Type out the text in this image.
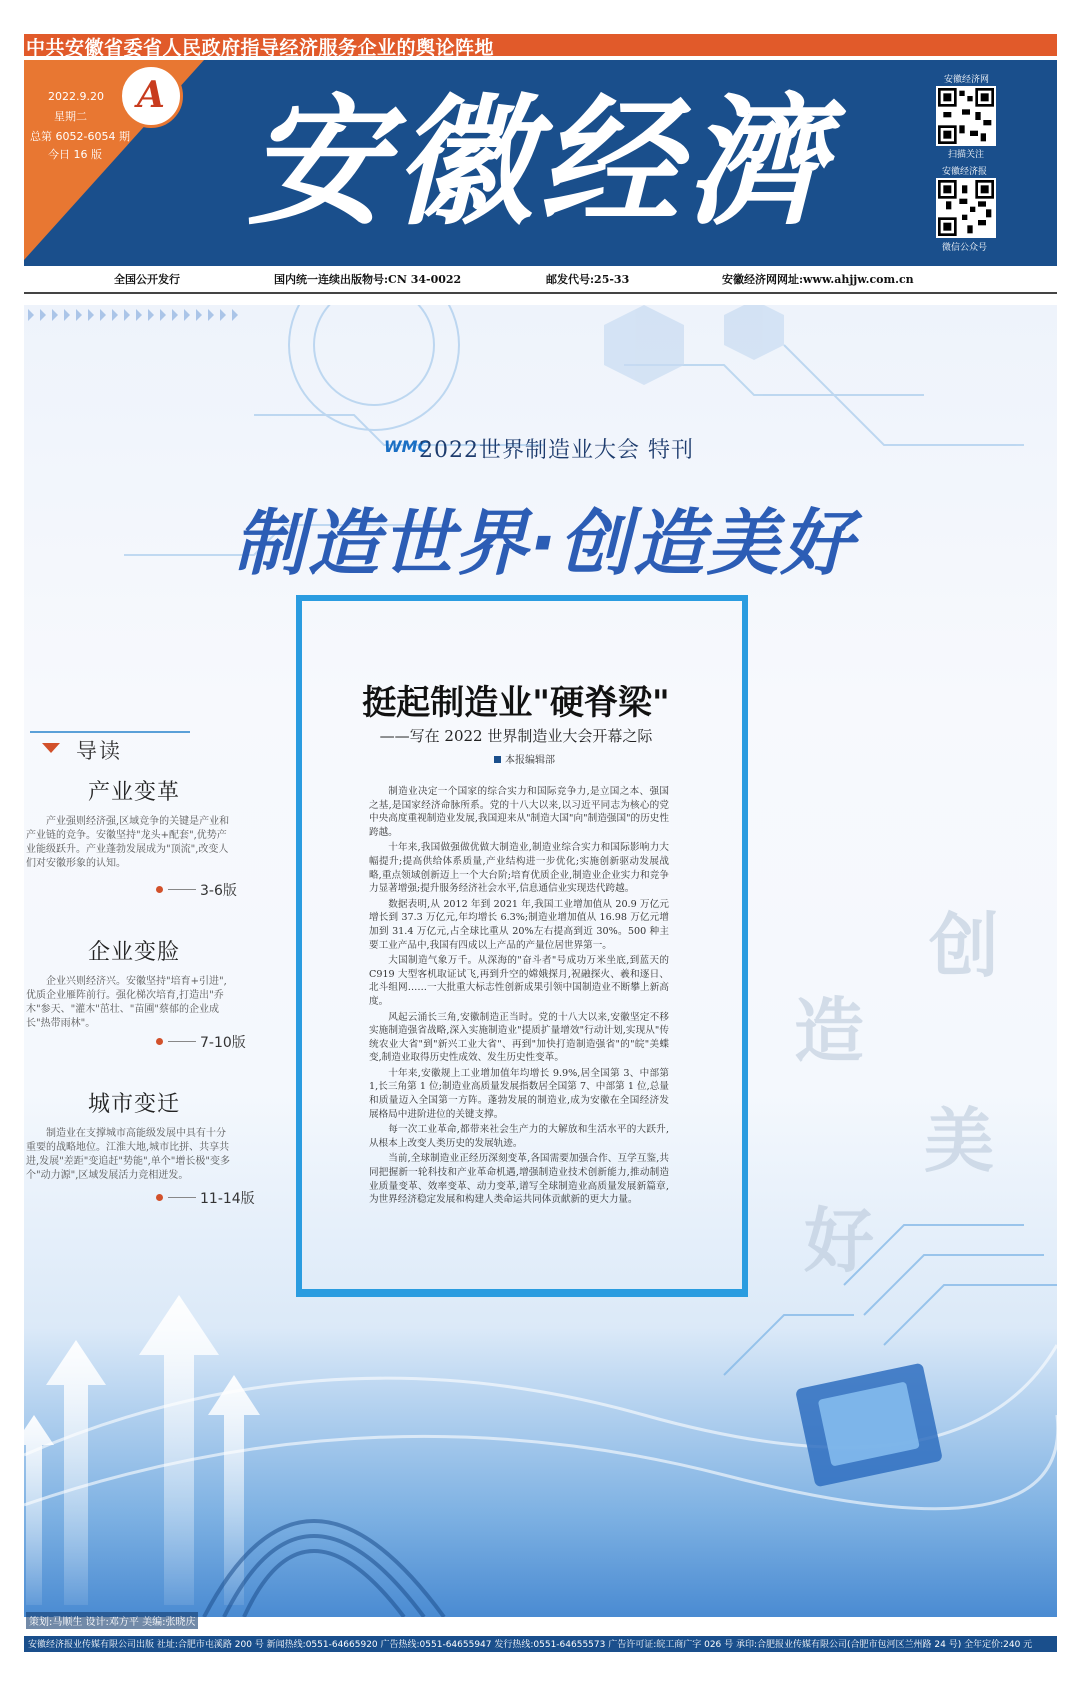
中共安徽省委省人民政府指导经济服务企业的舆论阵地
A
2022.9.20
星期二
总第 6052-6054 期
今日 16 版 安徽经濟
安徽经济网
扫描关注
安徽经济报
微信公众号
全国公开发行	国内统一连续出版物号:CN 34-0022	邮发代号:25-33	安徽经济网网址:www.ahjjw.com.cn
WMC
2022世界制造业大会 特刊
制造世界·创造美好
创
造
美
好
导读
产业变革
产业强则经济强,区域竞争的关键是产业和产业链的竞争。安徽坚持"龙头+配套",优势产业能级跃升。产业蓬勃发展成为"顶流",改变人们对安徽形象的认知。
3-6版
企业变脸
企业兴则经济兴。安徽坚持"培育+引进",优质企业雁阵前行。强化梯次培育,打造出"乔木"参天、"灌木"茁壮、"苗圃"蔡郁的企业成长"热带雨林"。
7-10版
城市变迁
制造业在支撑城市高能级发展中具有十分重要的战略地位。江淮大地,城市比拼、共享共进,发展"差距"变追赶"势能",单个"增长极"变多个"动力源",区域发展活力竞相迸发。
11-14版
挺起制造业"硬脊梁"
——写在 2022 世界制造业大会开幕之际
本报编辑部

制造业决定一个国家的综合实力和国际竞争力,是立国之本、强国之基,是国家经济命脉所系。党的十八大以来,以习近平同志为核心的党中央高度重视制造业发展,我国迎来从"制造大国"向"制造强国"的历史性跨越。

十年来,我国做强做优做大制造业,制造业综合实力和国际影响力大幅提升;提高供给体系质量,产业结构进一步优化;实施创新驱动发展战略,重点领域创新迈上一个大台阶;培育优质企业,制造业企业实力和竞争力显著增强;提升服务经济社会水平,信息通信业实现迭代跨越。

数据表明,从 2012 年到 2021 年,我国工业增加值从 20.9 万亿元增长到 37.3 万亿元,年均增长 6.3%;制造业增加值从 16.98 万亿元增加到 31.4 万亿元,占全球比重从 20%左右提高到近 30%。500 种主要工业产品中,我国有四成以上产品的产量位居世界第一。

大国制造气象万千。从深海的"奋斗者"号成功万米坐底,到蓝天的 C919 大型客机取证试飞,再到升空的嫦娥探月,祝融探火、羲和逐日、北斗组网……一大批重大标志性创新成果引领中国制造业不断攀上新高度。

风起云涌长三角,安徽制造正当时。党的十八大以来,安徽坚定不移实施制造强省战略,深入实施制造业"提质扩量增效"行动计划,实现从"传统农业大省"到"新兴工业大省"、再到"加快打造制造强省"的"皖"美蝶变,制造业取得历史性成效、发生历史性变革。

十年来,安徽规上工业增加值年均增长 9.9%,居全国第 3、中部第 1,长三角第 1 位;制造业高质量发展指数居全国第 7、中部第 1 位,总量和质量迈入全国第一方阵。蓬勃发展的制造业,成为安徽在全国经济发展格局中进阶进位的关键支撑。

每一次工业革命,都带来社会生产力的大解放和生活水平的大跃升,从根本上改变人类历史的发展轨迹。

当前,全球制造业正经历深刻变革,各国需要加强合作、互学互鉴,共同把握新一轮科技和产业革命机遇,增强制造业技术创新能力,推动制造业质量变革、效率变革、动力变革,谱写全球制造业高质量发展新篇章,为世界经济稳定发展和构建人类命运共同体贡献新的更大力量。

策划:马顺生 设计:邓方平 美编:张晓庆
安徽经济报业传媒有限公司出版 社址:合肥市屯溪路 200 号 新闻热线:0551-64665920 广告热线:0551-64655947 发行热线:0551-64655573 广告许可证:皖工商广字 026 号 承印:合肥报业传媒有限公司(合肥市包河区兰州路 24 号) 全年定价:240 元
